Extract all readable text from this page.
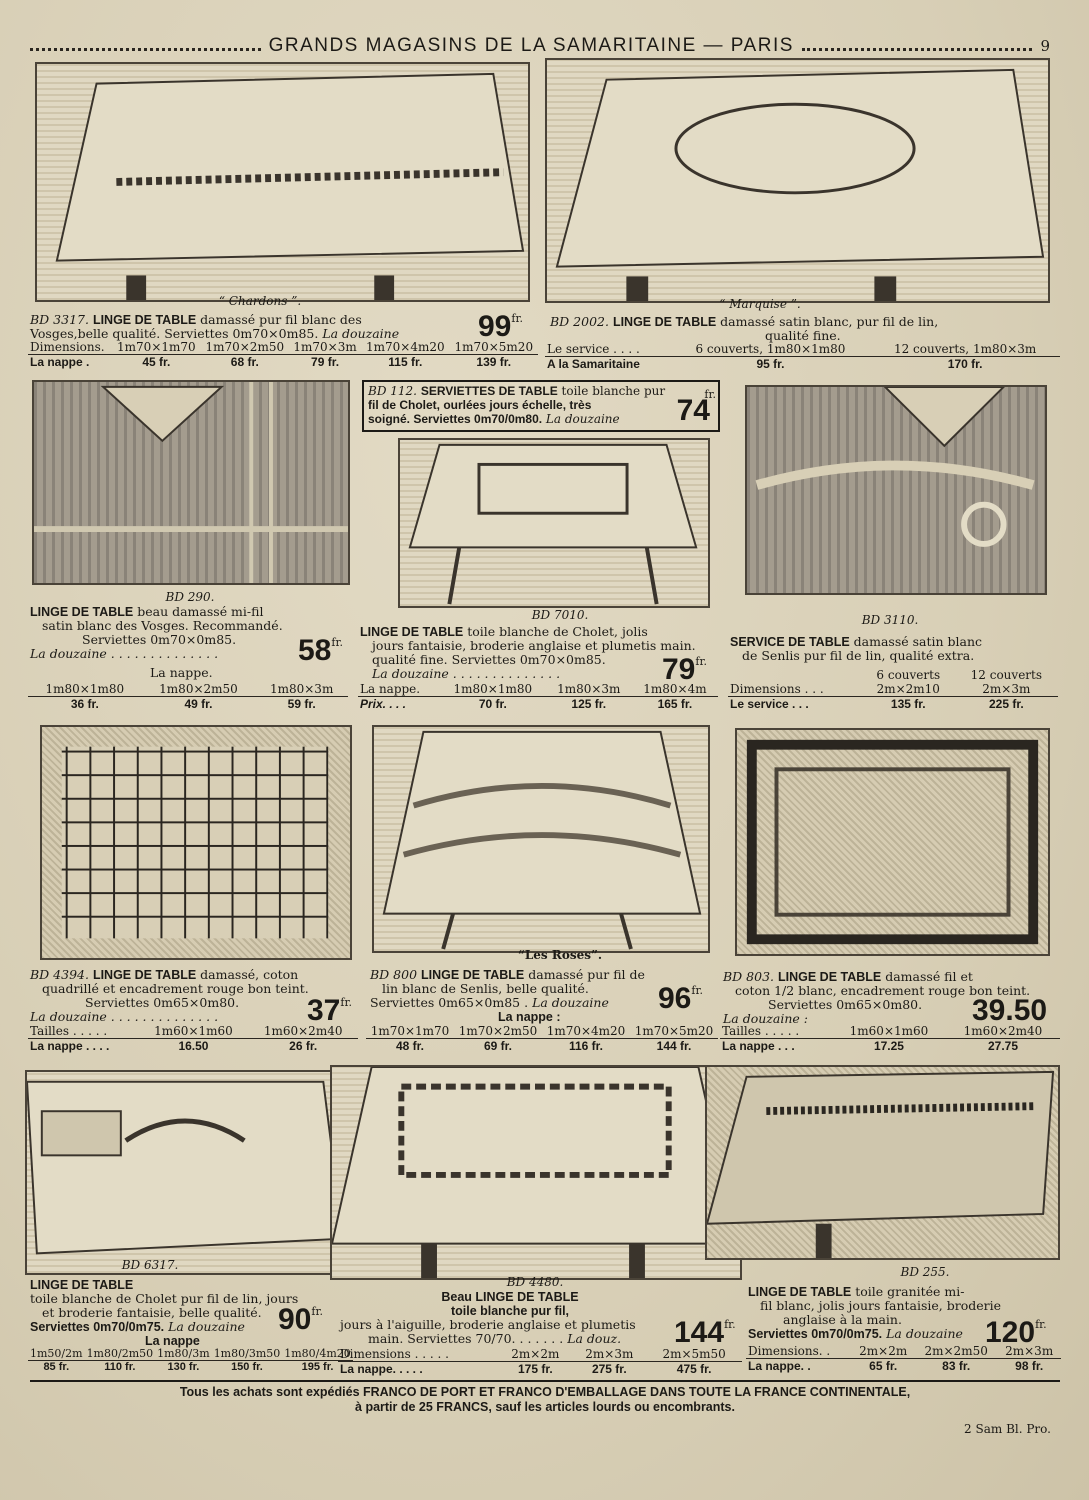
GRANDS MAGASINS DE LA SAMARITAINE — PARIS	9
“ Chardons ”.	“ Marquise ”.
BD 3317. LINGE DE TABLE damassé pur fil blanc des
Vosges,belle qualité. Serviettes 0m70×0m85. La douzaine	$99^{fr.}$
Dimensions.	1m70×1m70	1m70×2m50	1m70×3m	1m70×4m20	1m70×5m20
La nappe .	45 fr.	68 fr.	79 fr.	115 fr.	139 fr.
BD 2002. LINGE DE TABLE damassé satin blanc, pur fil de lin,
qualité fine.
Le service . . . .	6 couverts, 1m80×1m80	12 couverts, 1m80×3m
A la Samaritaine	95 fr.	170 fr.
BD 290.
BD 112. SERVIETTES DE TABLE toile blanche pur
fil de Cholet, ourlées jours échelle, très
soigné. Serviettes 0m70/0m80. La douzaine 74
fr.
BD 7010.	BD 3110.
LINGE DE TABLE beau damassé mi-fil
satin blanc des Vosges. Recommandé.
Serviettes 0m70×0m85.
La douzaine . . . . . . . . . . . . . .	$58^{fr.}$
La nappe.
1m80×1m80	1m80×2m50	1m80×3m
36 fr.	49 fr.	59 fr.
LINGE DE TABLE toile blanche de Cholet, jolis
jours fantaisie, broderie anglaise et plumetis main.
qualité fine. Serviettes 0m70×0m85.
La douzaine . . . . . . . . . . . . . .	$79^{fr.}$
La nappe.	1m80×1m80	1m80×3m	1m80×4m
Prix. . . .	70 fr.	125 fr.	165 fr.
SERVICE DE TABLE damassé satin blanc
de Senlis pur fil de lin, qualité extra.
	6 couverts	12 couverts
Dimensions . . .	2m×2m10	2m×3m
Le service . . .	135 fr.	225 fr.
“Les Roses”.
BD 4394. LINGE DE TABLE damassé, coton
quadrillé et encadrement rouge bon teint.
Serviettes 0m65×0m80.
La douzaine . . . . . . . . . . . . . .	$37^{fr.}$
Tailles . . . . .	1m60×1m60	1m60×2m40
La nappe . . . .	16.50	26 fr.
BD 800 LINGE DE TABLE damassé pur fil de
lin blanc de Senlis, belle qualité.
Serviettes 0m65×0m85 . La douzaine	$96^{fr.}$
La nappe :
1m70×1m70	1m70×2m50	1m70×4m20	1m70×5m20
48 fr.	69 fr.	116 fr.	144 fr.
BD 803. LINGE DE TABLE damassé fil et
coton 1/2 blanc, encadrement rouge bon teint.
Serviettes 0m65×0m80.
La douzaine :	39.50
Tailles . . . . .	1m60×1m60	1m60×2m40
La nappe . . .	17.25	27.75
BD 6317.
BD 4480.
BD 255.
LINGE DE TABLE
toile blanche de Cholet pur fil de lin, jours
et broderie fantaisie, belle qualité.
Serviettes 0m70/0m75. La douzaine	$90^{fr.}$
La nappe
1m50/2m	1m80/2m50	1m80/3m	1m80/3m50	1m80/4m20
85 fr.	110 fr.	130 fr.	150 fr.	195 fr.
Beau LINGE DE TABLE
toile blanche pur fil,
jours à l'aiguille, broderie anglaise et plumetis
main. Serviettes 70/70. . . . . . . La douz.	$144^{fr.}$
Dimensions . . . . .	2m×2m	2m×3m	2m×5m50
La nappe. . . . .	175 fr.	275 fr.	475 fr.
LINGE DE TABLE toile granitée mi-
fil blanc, jolis jours fantaisie, broderie
anglaise à la main.
Serviettes 0m70/0m75. La douzaine $120^{fr.}$
Dimensions. .	2m×2m	2m×2m50	2m×3m
La nappe. .	65 fr.	83 fr.	98 fr.
Tous les achats sont expédiés FRANCO DE PORT ET FRANCO D'EMBALLAGE DANS TOUTE LA FRANCE CONTINENTALE,
à partir de 25 FRANCS, sauf les articles lourds ou encombrants.
2 Sam Bl. Pro.
